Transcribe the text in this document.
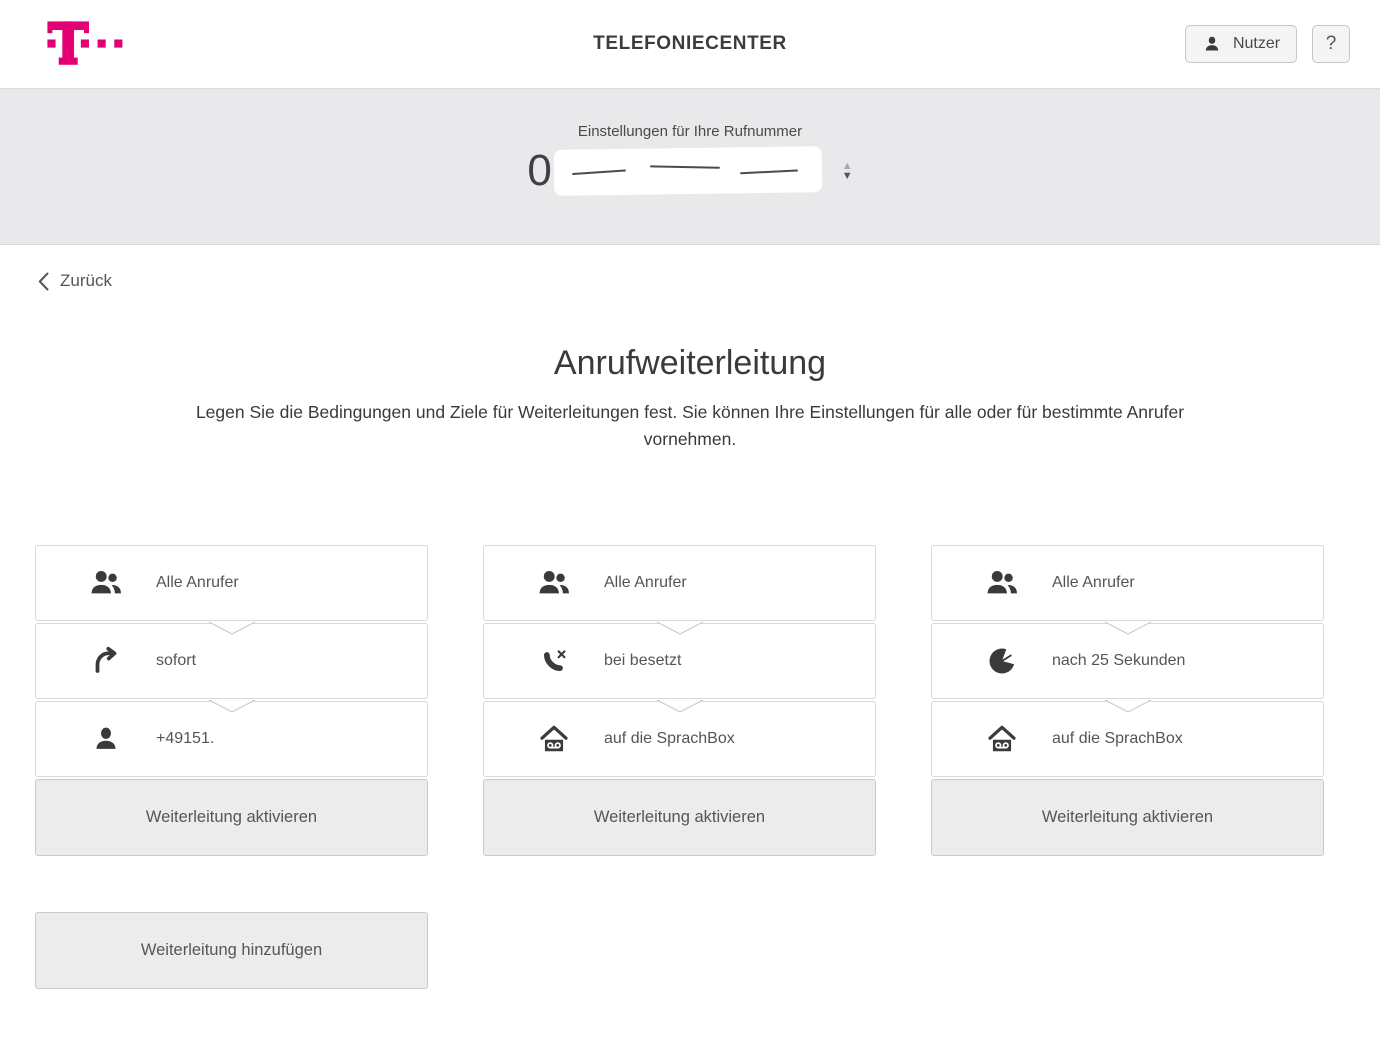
TELEFONIECENTER	Nutzer ?
Einstellungen für Ihre Rufnummer
0	▲
▼
Zurück
Anrufweiterleitung
Legen Sie die Bedingungen und Ziele für Weiterleitungen fest. Sie können Ihre Einstellungen für alle oder für bestimmte Anrufer vornehmen.
Alle Anrufer
sofort
+49151.
Weiterleitung aktivieren
Alle Anrufer
bei besetzt
auf die SprachBox
Weiterleitung aktivieren
Alle Anrufer
nach 25 Sekunden
auf die SprachBox
Weiterleitung aktivieren
Weiterleitung hinzufügen
